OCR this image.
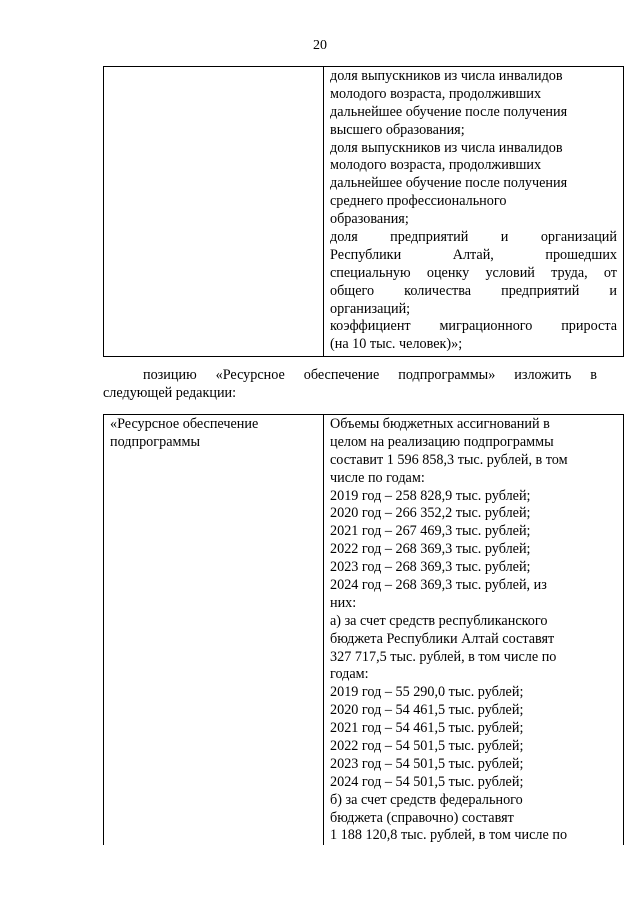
20

доля выпускников из числа инвалидов
молодого возраста, продолживших
дальнейшее обучение после получения
высшего образования;
доля выпускников из числа инвалидов
молодого возраста, продолживших
дальнейшее обучение после получения
среднего профессионального
образования;
доля предприятий и организаций
Республики Алтай, прошедших
специальную оценку условий труда, от
общего количества предприятий и
организаций;
коэффициент миграционного прироста
(на 10 тыс. человек)»;
позицию «Ресурсное обеспечение подпрограммы» изложить в
следующей редакции:
«Ресурсное обеспечение
подпрограммы

Объемы бюджетных ассигнований в
целом на реализацию подпрограммы
составит 1 596 858,3 тыс. рублей, в том
числе по годам:
2019 год – 258 828,9 тыс. рублей;
2020 год – 266 352,2 тыс. рублей;
2021 год – 267 469,3 тыс. рублей;
2022 год – 268 369,3 тыс. рублей;
2023 год – 268 369,3 тыс. рублей;
2024 год – 268 369,3 тыс. рублей, из
них:
а) за счет средств республиканского
бюджета Республики Алтай составят
327 717,5 тыс. рублей, в том числе по
годам:
2019 год – 55 290,0 тыс. рублей;
2020 год – 54 461,5 тыс. рублей;
2021 год – 54 461,5 тыс. рублей;
2022 год – 54 501,5 тыс. рублей;
2023 год – 54 501,5 тыс. рублей;
2024 год – 54 501,5 тыс. рублей;
б) за счет средств федерального
бюджета (справочно) составят
1 188 120,8 тыс. рублей, в том числе по
